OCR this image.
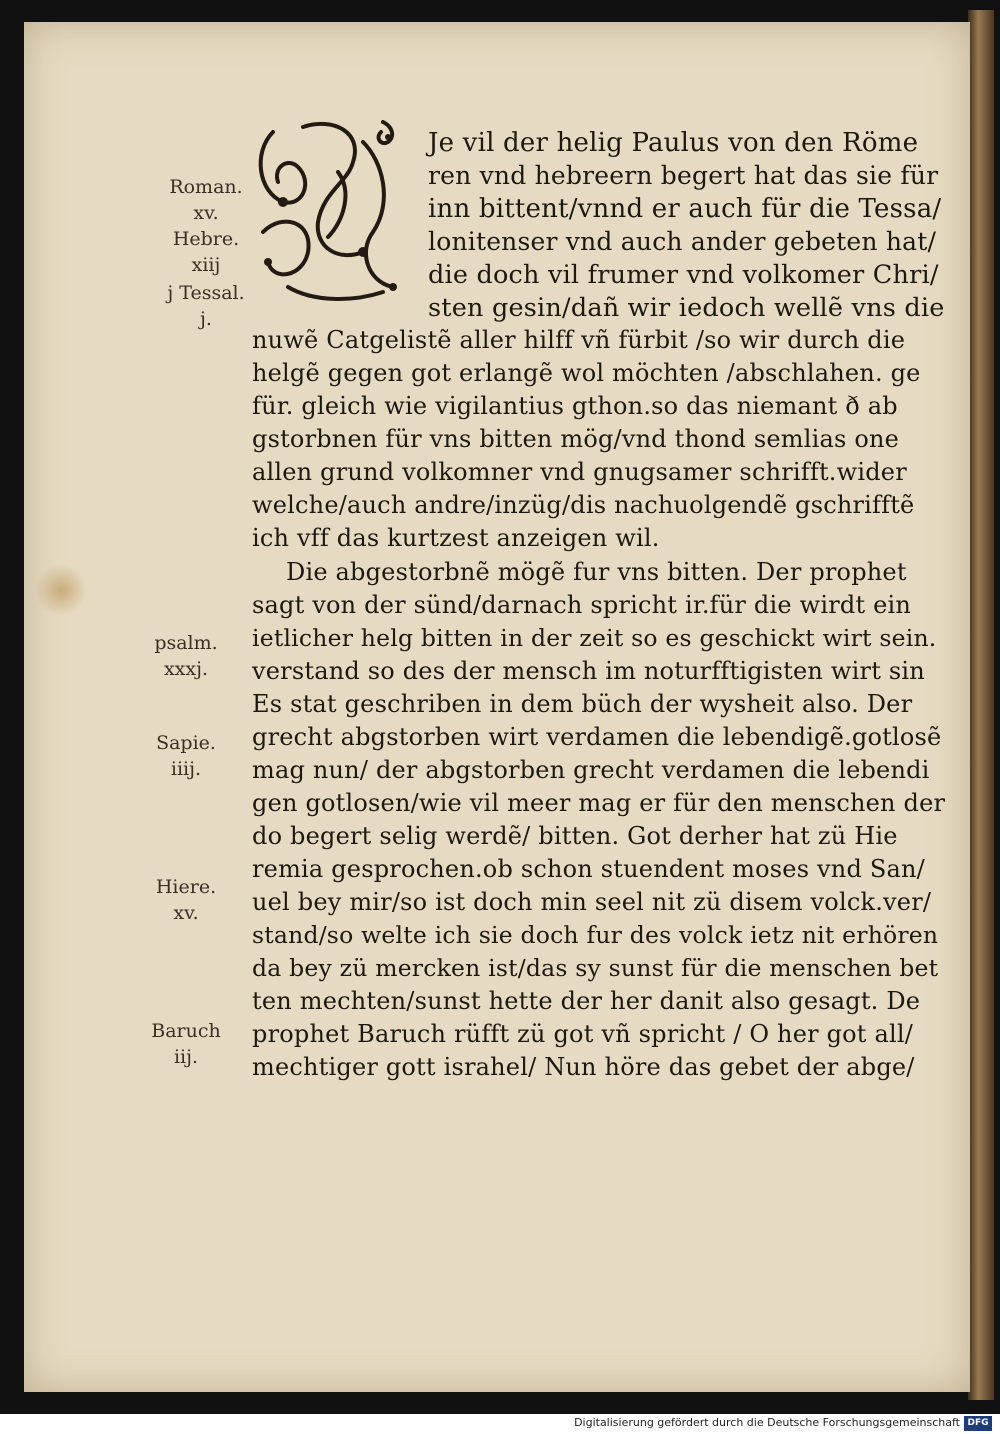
Roman.
xv.
Hebre.
xiij
j Tessal.
j.
psalm.
xxxj.
Sapie.
iiij.
Hiere.
xv.
Baruch
iij.
Je vil der helig Paulus von den Röme
ren vnd hebreern begert hat das sie für
inn bittent/vnnd er auch für die Tessa/
lonitenser vnd auch ander gebeten hat/
die doch vil frumer vnd volkomer Chri/
sten gesin/dañ wir iedoch wellẽ vns die
nuwẽ Catgelistẽ aller hilff vñ fürbit /so wir durch die
helgẽ gegen got erlangẽ wol möchten /abschlahen. ge
für. gleich wie vigilantius gthon.so das niemant ð ab
gstorbnen für vns bitten mög/vnd thond semlias one
allen grund volkomner vnd gnugsamer schrifft.wider
welche/auch andre/inzüg/dis nachuolgendẽ gschrifftẽ
ich vff das kurtzest anzeigen wil.
Die abgestorbnẽ mögẽ fur vns bitten. Der prophet
sagt von der sünd/darnach spricht ir.für die wirdt ein
ietlicher helg bitten in der zeit so es geschickt wirt sein.
verstand so des der mensch im noturfftigisten wirt sin
Es stat geschriben in dem büch der wysheit also. Der
grecht abgstorben wirt verdamen die lebendigẽ.gotlosẽ
mag nun/ der abgstorben grecht verdamen die lebendi
gen gotlosen/wie vil meer mag er für den menschen der
do begert selig werdẽ/ bitten. Got derher hat zü Hie
remia gesprochen.ob schon stuendent moses vnd San/
uel bey mir/so ist doch min seel nit zü disem volck.ver/
stand/so welte ich sie doch fur des volck ietz nit erhören
da bey zü mercken ist/das sy sunst für die menschen bet
ten mechten/sunst hette der her danit also gesagt. De
prophet Baruch rüfft zü got vñ spricht / O her got all/
mechtiger gott israhel/ Nun höre das gebet der abge/
Digitalisierung gefördert durch die Deutsche Forschungsgemeinschaft DFG
